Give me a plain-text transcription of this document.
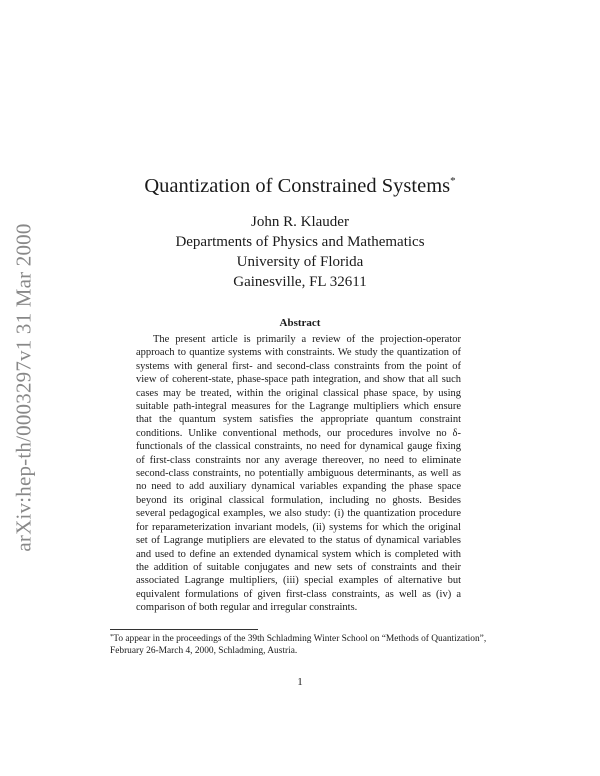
arXiv:hep-th/0003297v1 31 Mar 2000
Quantization of Constrained Systems*
John R. Klauder
Departments of Physics and Mathematics
University of Florida
Gainesville, FL 32611
Abstract

The present article is primarily a review of the projection-operator approach to quantize systems with constraints. We study the quantization of systems with general first- and second-class constraints from the point of view of coherent-state, phase-space path integration, and show that all such cases may be treated, within the original classical phase space, by using suitable path-integral measures for the Lagrange multipliers which ensure that the quantum system satisfies the appropriate quantum constraint conditions. Unlike conventional methods, our procedures involve no δ-functionals of the classical constraints, no need for dynamical gauge fixing of first-class constraints nor any average thereover, no need to eliminate second-class constraints, no potentially ambiguous determinants, as well as no need to add auxiliary dynamical variables expanding the phase space beyond its original classical formulation, including no ghosts. Besides several pedagogical examples, we also study: (i) the quantization procedure for reparameterization invariant models, (ii) systems for which the original set of Lagrange mutipliers are elevated to the status of dynamical variables and used to define an extended dynamical system which is completed with the addition of suitable conjugates and new sets of constraints and their associated Lagrange multipliers, (iii) special examples of alternative but equivalent formulations of given first-class constraints, as well as (iv) a comparison of both regular and irregular constraints.

*To appear in the proceedings of the 39th Schladming Winter School on “Methods of Quantization”, February 26-March 4, 2000, Schladming, Austria.

1
